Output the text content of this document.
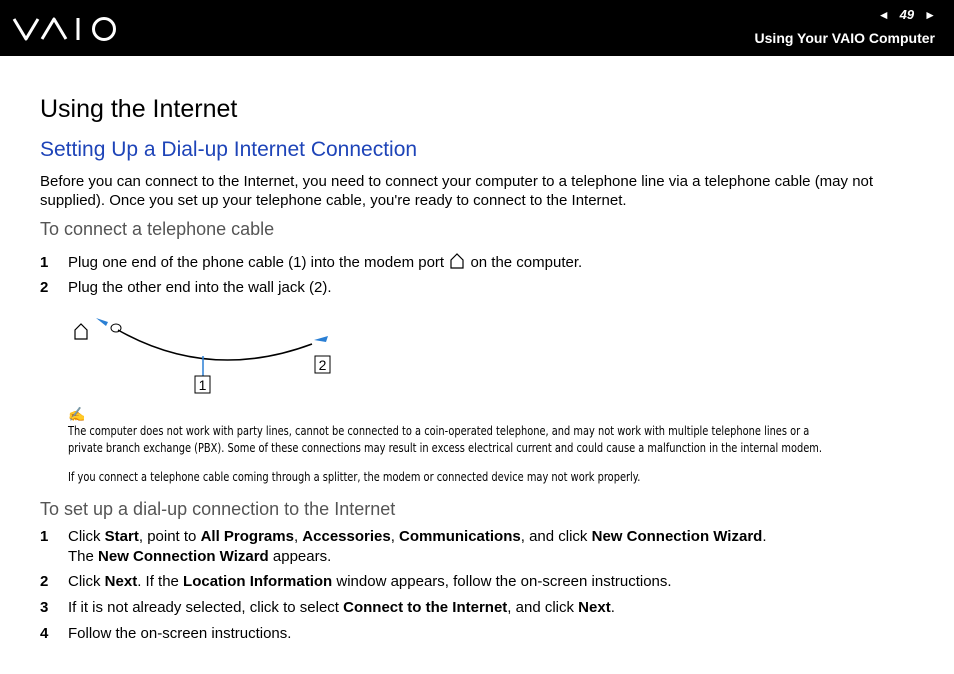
◄ 49 ►
Using Your VAIO Computer
Using the Internet
Setting Up a Dial-up Internet Connection

Before you can connect to the Internet, you need to connect your computer to a telephone line via a telephone cable (may not supplied). Once you set up your telephone cable, you're ready to connect to the Internet.

To connect a telephone cable
1 Plug one end of the phone cable (1) into the modem port on the computer.
2 Plug the other end into the wall jack (2).
1
2
✍

The computer does not work with party lines, cannot be connected to a coin-operated telephone, and may not work with multiple telephone lines or a

private branch exchange (PBX). Some of these connections may result in excess electrical current and could cause a malfunction in the internal modem.

If you connect a telephone cable coming through a splitter, the modem or connected device may not work properly.

To set up a dial-up connection to the Internet
1 Click Start, point to All Programs, Accessories, Communications, and click New Connection Wizard.
The New Connection Wizard appears.
2 Click Next. If the Location Information window appears, follow the on-screen instructions.
3 If it is not already selected, click to select Connect to the Internet, and click Next.
4 Follow the on-screen instructions.
